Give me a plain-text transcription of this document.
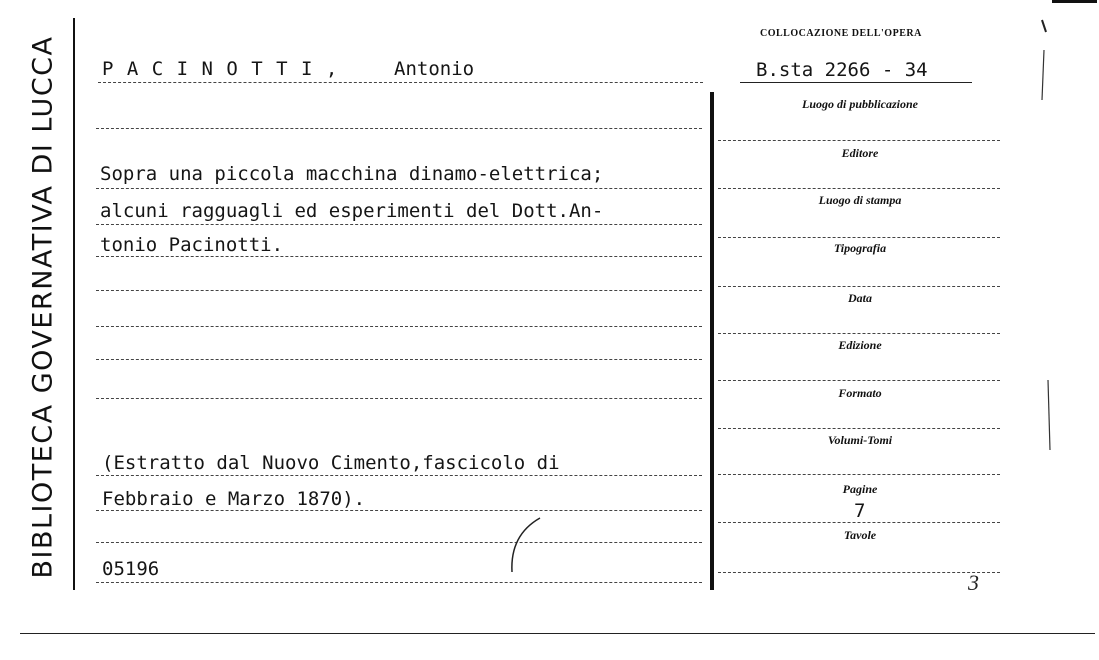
BIBLIOTECA GOVERNATIVA DI LUCCA P A C I N O T T I ,	Antonio
COLLOCAZIONE DELL'OPERA
B.sta 2266 - 34
Sopra una piccola macchina dinamo-elettrica;
alcuni ragguagli ed esperimenti del Dott.An-
tonio Pacinotti.
(Estratto dal Nuovo Cimento,fascicolo di
Febbraio e Marzo 1870).
05196
Luogo di pubblicazione
Editore
Luogo di stampa
Tipografia
Data
Edizione
Formato
Volumi-Tomi
Pagine
7
Tavole
3
